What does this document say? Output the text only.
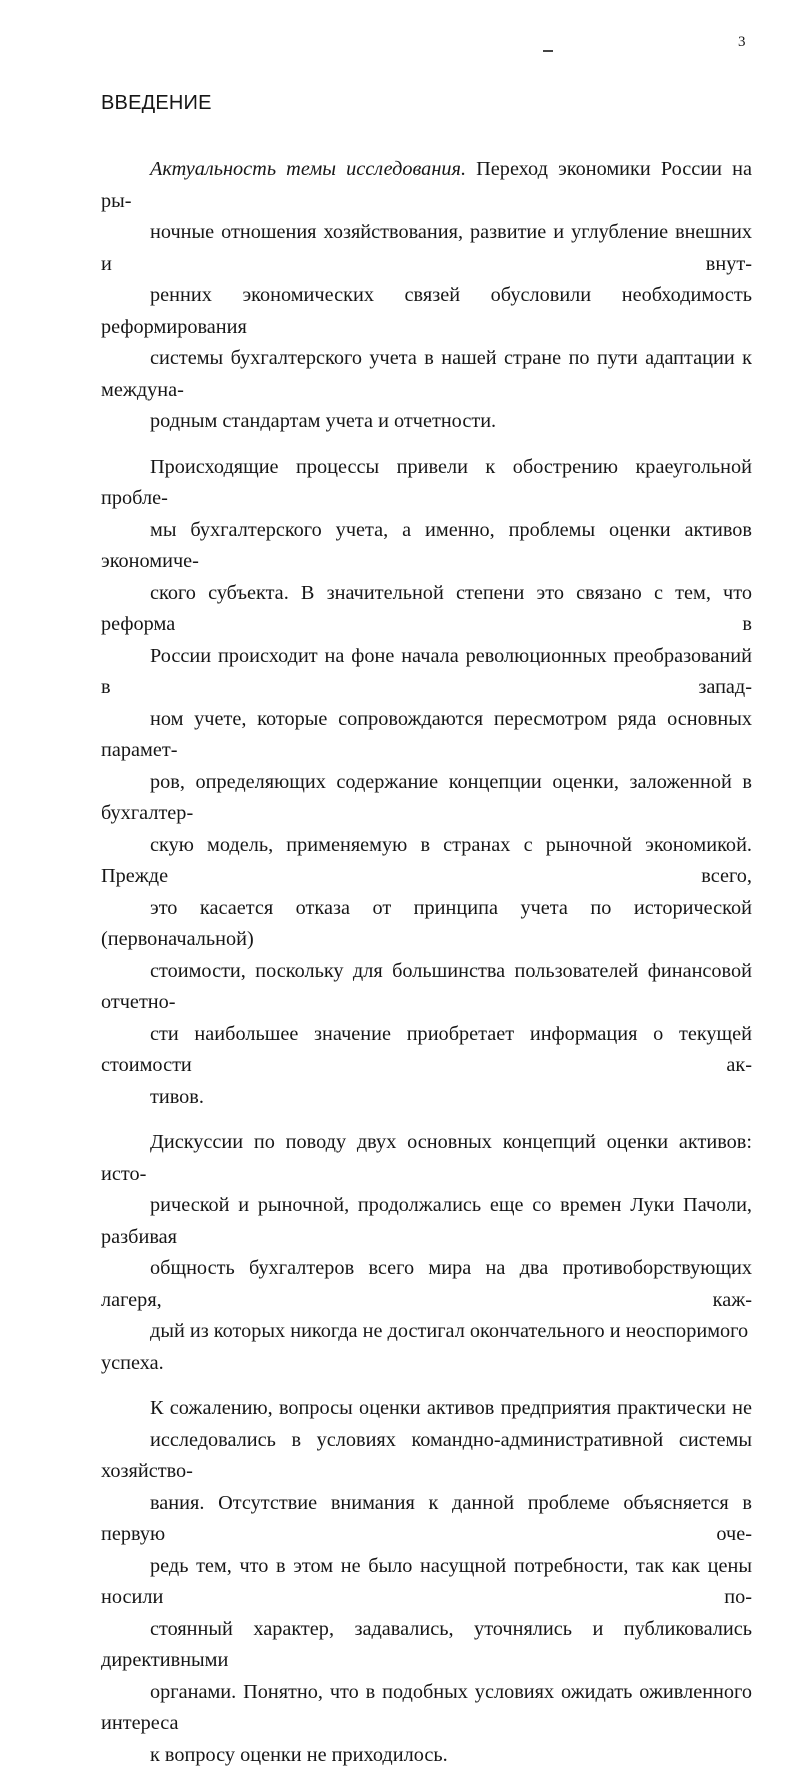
3
ВВЕДЕНИЕ

Актуальность темы исследования. Переход экономики России на ры-
ночные отношения хозяйствования, развитие и углубление внешних и внут-
ренних экономических связей обусловили необходимость реформирования
системы бухгалтерского учета в нашей стране по пути адаптации к междуна-
родным стандартам учета и отчетности.

Происходящие процессы привели к обострению краеугольной пробле-
мы бухгалтерского учета, а именно, проблемы оценки активов экономиче-
ского субъекта. В значительной степени это связано с тем, что реформа в
России происходит на фоне начала революционных преобразований в запад-
ном учете, которые сопровождаются пересмотром ряда основных парамет-
ров, определяющих содержание концепции оценки, заложенной в бухгалтер-
скую модель, применяемую в странах с рыночной экономикой. Прежде всего,
это касается отказа от принципа учета по исторической (первоначальной)
стоимости, поскольку для большинства пользователей финансовой отчетно-
сти наибольшее значение приобретает информация о текущей стоимости ак-
тивов.

Дискуссии по поводу двух основных концепций оценки активов: исто-
рической и рыночной, продолжались еще со времен Луки Пачоли, разбивая
общность бухгалтеров всего мира на два противоборствующих лагеря, каж-
дый из которых никогда не достигал окончательного и неоспоримого успеха.

К сожалению, вопросы оценки активов предприятия практически не
исследовались в условиях командно-административной системы хозяйство-
вания. Отсутствие внимания к данной проблеме объясняется в первую оче-
редь тем, что в этом не было насущной потребности, так как цены носили по-
стоянный характер, задавались, уточнялись и публиковались директивными
органами. Понятно, что в подобных условиях ожидать оживленного интереса
к вопросу оценки не приходилось.
